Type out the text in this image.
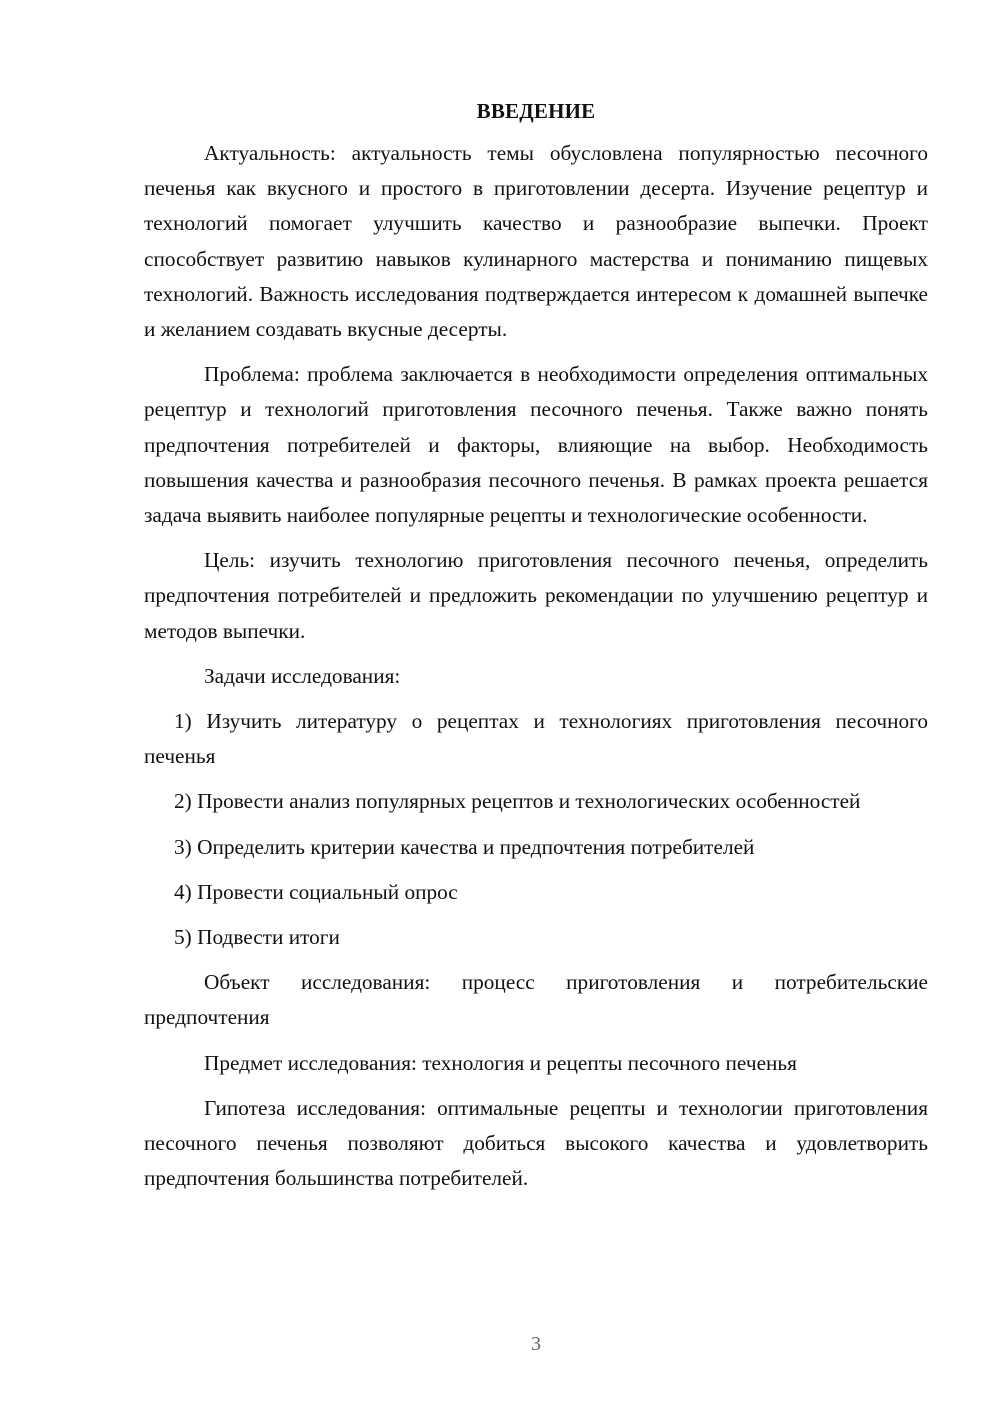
ВВЕДЕНИЕ

Актуальность: актуальность темы обусловлена популярностью песочного печенья как вкусного и простого в приготовлении десерта. Изучение рецептур и технологий помогает улучшить качество и разнообразие выпечки. Проект способствует развитию навыков кулинарного мастерства и пониманию пищевых технологий. Важность исследования подтверждается интересом к домашней выпечке и желанием создавать вкусные десерты.

Проблема: проблема заключается в необходимости определения оптимальных рецептур и технологий приготовления песочного печенья. Также важно понять предпочтения потребителей и факторы, влияющие на выбор. Необходимость повышения качества и разнообразия песочного печенья. В рамках проекта решается задача выявить наиболее популярные рецепты и технологические особенности.

Цель: изучить технологию приготовления песочного печенья, определить предпочтения потребителей и предложить рекомендации по улучшению рецептур и методов выпечки.

Задачи исследования:

1) Изучить литературу о рецептах и технологиях приготовления песочного печенья

2) Провести анализ популярных рецептов и технологических особенностей

3) Определить критерии качества и предпочтения потребителей

4) Провести социальный опрос

5) Подвести итоги

Объект исследования: процесс приготовления и потребительские предпочтения

Предмет исследования: технология и рецепты песочного печенья

Гипотеза исследования: оптимальные рецепты и технологии приготовления песочного печенья позволяют добиться высокого качества и удовлетворить предпочтения большинства потребителей.

3
